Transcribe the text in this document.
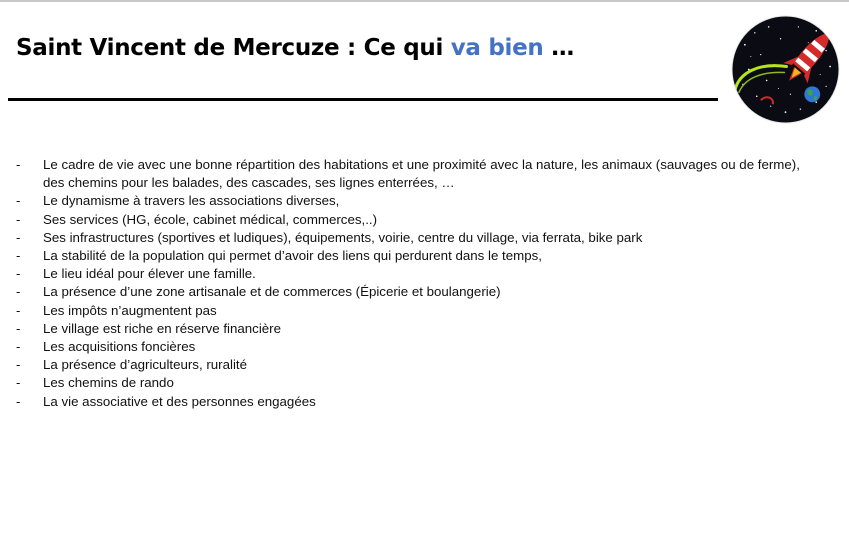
Saint Vincent de Mercuze : Ce qui va bien …
- Le cadre de vie avec une bonne répartition des habitations et une proximité avec la nature, les animaux (sauvages ou de ferme), des chemins pour les balades, des cascades, ses lignes enterrées, …
- Le dynamisme à travers les associations diverses,
- Ses services (HG, école, cabinet médical, commerces,..)
- Ses infrastructures (sportives et ludiques), équipements, voirie, centre du village, via ferrata, bike park
- La stabilité de la population qui permet d’avoir des liens qui perdurent dans le temps,
- Le lieu idéal pour élever une famille.
- La présence d’une zone artisanale et de commerces (Épicerie et boulangerie)
- Les impôts n’augmentent pas
- Le village est riche en réserve financière
- Les acquisitions foncières
- La présence d’agriculteurs, ruralité
- Les chemins de rando
- La vie associative et des personnes engagées
